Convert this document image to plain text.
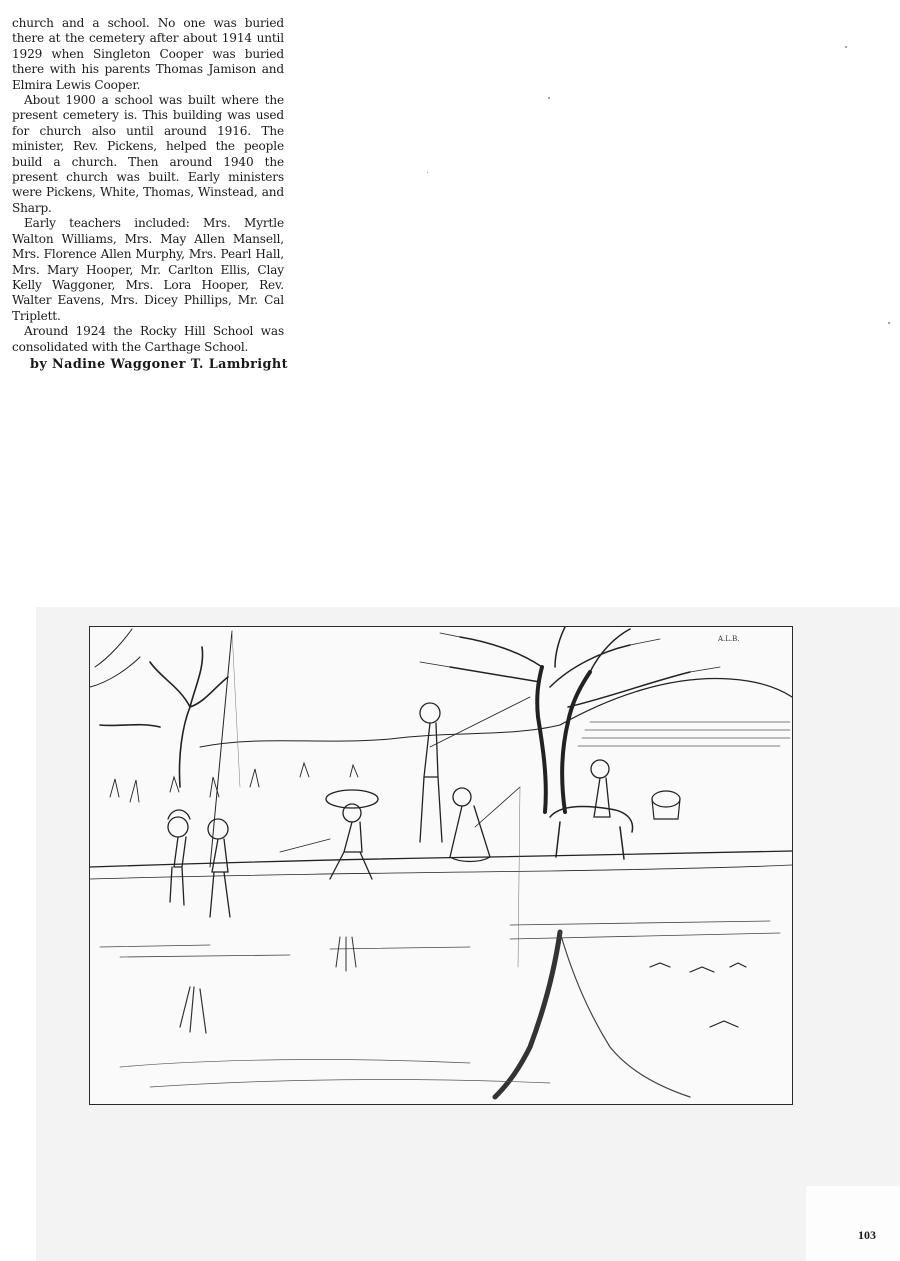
church and a school. No one was buried there at the cemetery after about 1914 until 1929 when Singleton Cooper was buried there with his parents Thomas Jamison and Elmira Lewis Cooper.

About 1900 a school was built where the present cemetery is. This building was used for church also until around 1916. The minister, Rev. Pickens, helped the people build a church. Then around 1940 the present church was built. Early ministers were Pickens, White, Thomas, Winstead, and Sharp.

Early teachers included: Mrs. Myrtle Walton Williams, Mrs. May Allen Mansell, Mrs. Florence Allen Murphy, Mrs. Pearl Hall, Mrs. Mary Hooper, Mr. Carlton Ellis, Clay Kelly Waggoner, Mrs. Lora Hooper, Rev. Walter Eavens, Mrs. Dicey Phillips, Mr. Cal Triplett.

Around 1924 the Rocky Hill School was consolidated with the Carthage School.

by Nadine Waggoner T. Lambright
A.L.B.
103
